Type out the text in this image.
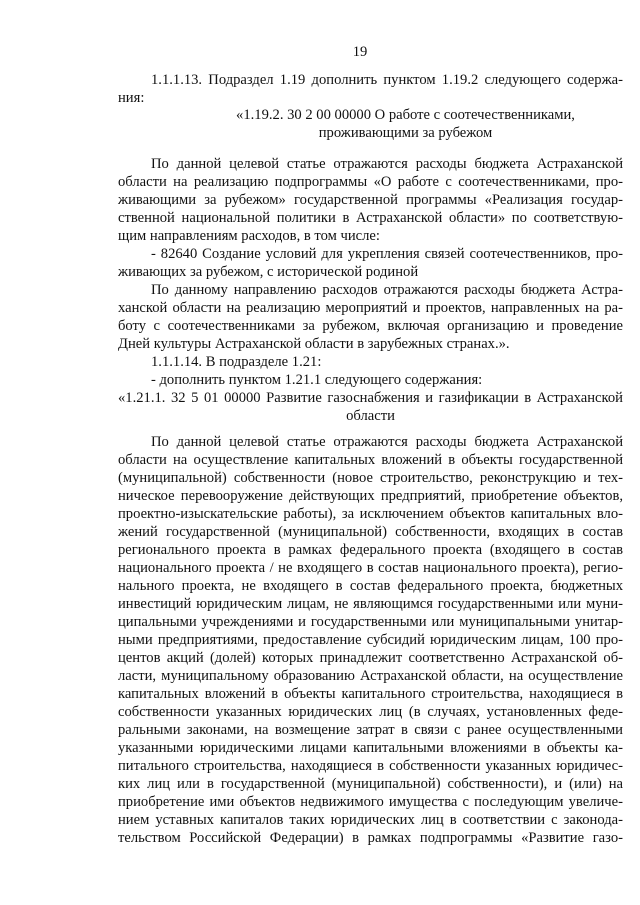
19
1.1.1.13. Подраздел 1.19 дополнить пунктом 1.19.2 следующего содержа-
ния:
«1.19.2. 30 2 00 00000 О работе с соотечественниками,
проживающими за рубежом
По данной целевой статье отражаются расходы бюджета Астраханской
области на реализацию подпрограммы «О работе с соотечественниками, про-
живающими за рубежом» государственной программы «Реализация государ-
ственной национальной политики в Астраханской области» по соответствую-
щим направлениям расходов, в том числе:
- 82640 Создание условий для укрепления связей соотечественников, про-
живающих за рубежом, с исторической родиной
По данному направлению расходов отражаются расходы бюджета Астра-
ханской области на реализацию мероприятий и проектов, направленных на ра-
боту с соотечественниками за рубежом, включая организацию и проведение
Дней культуры Астраханской области в зарубежных странах.».
1.1.1.14. В подразделе 1.21:
- дополнить пунктом 1.21.1 следующего содержания:
«1.21.1. 32 5 01 00000 Развитие газоснабжения и газификации в Астраханской
области
По данной целевой статье отражаются расходы бюджета Астраханской
области на осуществление капитальных вложений в объекты государственной
(муниципальной) собственности (новое строительство, реконструкцию и тех-
ническое перевооружение действующих предприятий, приобретение объектов,
проектно-изыскательские работы), за исключением объектов капитальных вло-
жений государственной (муниципальной) собственности, входящих в состав
регионального проекта в рамках федерального проекта (входящего в состав
национального проекта / не входящего в состав национального проекта), регио-
нального проекта, не входящего в состав федерального проекта, бюджетных
инвестиций юридическим лицам, не являющимся государственными или муни-
ципальными учреждениями и государственными или муниципальными унитар-
ными предприятиями, предоставление субсидий юридическим лицам, 100 про-
центов акций (долей) которых принадлежит соответственно Астраханской об-
ласти, муниципальному образованию Астраханской области, на осуществление
капитальных вложений в объекты капитального строительства, находящиеся в
собственности указанных юридических лиц (в случаях, установленных феде-
ральными законами, на возмещение затрат в связи с ранее осуществленными
указанными юридическими лицами капитальными вложениями в объекты ка-
питального строительства, находящиеся в собственности указанных юридичес-
ких лиц или в государственной (муниципальной) собственности), и (или) на
приобретение ими объектов недвижимого имущества с последующим увеличе-
нием уставных капиталов таких юридических лиц в соответствии с законода-
тельством Российской Федерации) в рамках подпрограммы «Развитие газо-
